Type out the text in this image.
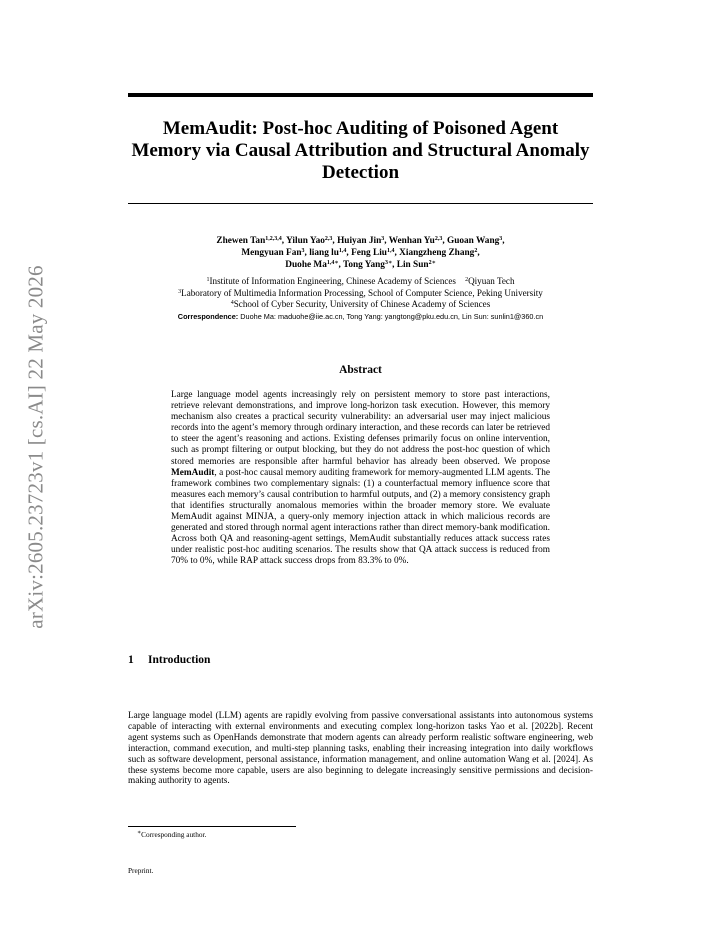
arXiv:2605.23723v1 [cs.AI] 22 May 2026
MemAudit: Post-hoc Auditing of Poisoned Agent Memory via Causal Attribution and Structural Anomaly Detection
Zhewen Tan$^{1,2,3,4}$, Yilun Yao$^{2,3}$, Huiyan Jin$^3$, Wenhan Yu$^{2,3}$, Guoan Wang$^3$,
Mengyuan Fan$^3$, liang lu$^{1,4}$, Feng Liu$^{1,4}$, Xiangzheng Zhang$^2$,
Duohe $Ma^{1,4∗}$, Tong Yang$^{3∗}$, Lin Sun$^{2∗}$
$^1$Institute of Information Engineering, Chinese Academy of Sciences $^2$Qiyuan Tech
$^3$Laboratory of Multimedia Information Processing, School of Computer Science, Peking University
$^4$School of Cyber Security, University of Chinese Academy of Sciences
Correspondence: Duohe Ma: maduohe@iie.ac.cn, Tong Yang: yangtong@pku.edu.cn, Lin Sun: sunlin1@360.cn
Abstract
Large language model agents increasingly rely on persistent memory to store past interactions, retrieve relevant demonstrations, and improve long-horizon task execution. However, this memory mechanism also creates a practical security vulnerability: an adversarial user may inject malicious records into the agent’s memory through ordinary interaction, and these records can later be retrieved to steer the agent’s reasoning and actions. Existing defenses primarily focus on online intervention, such as prompt filtering or output blocking, but they do not address the post-hoc question of which stored memories are responsible after harmful behavior has already been observed. We propose MemAudit, a post-hoc causal memory auditing framework for memory-augmented LLM agents. The framework combines two complementary signals: (1) a counterfactual memory influence score that measures each memory’s causal contribution to harmful outputs, and (2) a memory consistency graph that identifies structurally anomalous memories within the broader memory store. We evaluate MemAudit against MINJA, a query-only memory injection attack in which malicious records are generated and stored through normal agent interactions rather than direct memory-bank modification. Across both QA and reasoning-agent settings, MemAudit substantially reduces attack success rates under realistic post-hoc auditing scenarios. The results show that QA attack success is reduced from 70% to 0%, while RAP attack success drops from 83.3% to 0%.
1 Introduction
Large language model (LLM) agents are rapidly evolving from passive conversational assistants into autonomous systems capable of interacting with external environments and executing complex long-horizon tasks Yao et al. [2022b]. Recent agent systems such as OpenHands demonstrate that modern agents can already perform realistic software engineering, web interaction, command execution, and multi-step planning tasks, enabling their increasing integration into daily workflows such as software development, personal assistance, information management, and online automation Wang et al. [2024]. As these systems become more capable, users are also beginning to delegate increasingly sensitive permissions and decision-making authority to agents.
∗Corresponding author.
Preprint.
